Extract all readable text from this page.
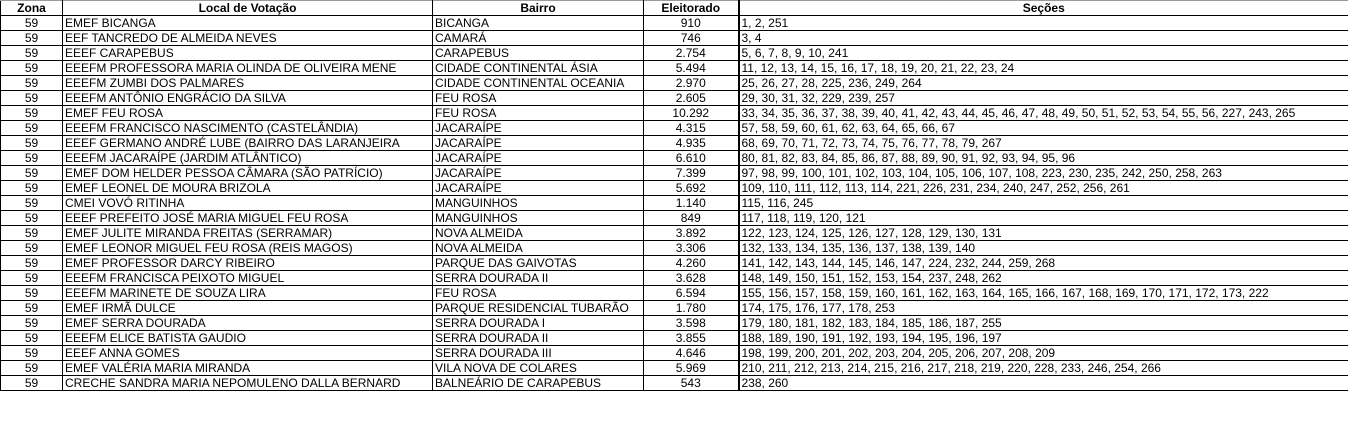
Zona	Local de Votação	Bairro	Eleitorado	Seções
59	EMEF BICANGA	BICANGA	910	1, 2, 251
59	EEF TANCREDO DE ALMEIDA NEVES	CAMARÁ	746	3, 4
59	EEEF CARAPEBUS	CARAPEBUS	2.754	5, 6, 7, 8, 9, 10, 241
59	EEEFM PROFESSORA MARIA OLINDA DE OLIVEIRA MENE	CIDADE CONTINENTAL ÁSIA	5.494	11, 12, 13, 14, 15, 16, 17, 18, 19, 20, 21, 22, 23, 24
59	EEEFM ZUMBI DOS PALMARES	CIDADE CONTINENTAL OCEANIA	2.970	25, 26, 27, 28, 225, 236, 249, 264
59	EEEFM ANTÔNIO ENGRÁCIO DA SILVA	FEU ROSA	2.605	29, 30, 31, 32, 229, 239, 257
59	EMEF FEU ROSA	FEU ROSA	10.292	33, 34, 35, 36, 37, 38, 39, 40, 41, 42, 43, 44, 45, 46, 47, 48, 49, 50, 51, 52, 53, 54, 55, 56, 227, 243, 265
59	EEEFM FRANCISCO NASCIMENTO (CASTELÂNDIA)	JACARAÍPE	4.315	57, 58, 59, 60, 61, 62, 63, 64, 65, 66, 67
59	EEEF GERMANO ANDRÉ LUBE (BAIRRO DAS LARANJEIRA	JACARAÍPE	4.935	68, 69, 70, 71, 72, 73, 74, 75, 76, 77, 78, 79, 267
59	EEEFM JACARAÍPE (JARDIM ATLÂNTICO)	JACARAÍPE	6.610	80, 81, 82, 83, 84, 85, 86, 87, 88, 89, 90, 91, 92, 93, 94, 95, 96
59	EMEF DOM HELDER PESSOA CÂMARA (SÃO PATRÍCIO)	JACARAÍPE	7.399	97, 98, 99, 100, 101, 102, 103, 104, 105, 106, 107, 108, 223, 230, 235, 242, 250, 258, 263
59	EMEF LEONEL DE MOURA BRIZOLA	JACARAÍPE	5.692	109, 110, 111, 112, 113, 114, 221, 226, 231, 234, 240, 247, 252, 256, 261
59	CMEI VOVÓ RITINHA	MANGUINHOS	1.140	115, 116, 245
59	EEEF PREFEITO JOSÉ MARIA MIGUEL FEU ROSA	MANGUINHOS	849	117, 118, 119, 120, 121
59	EMEF JULITE MIRANDA FREITAS (SERRAMAR)	NOVA ALMEIDA	3.892	122, 123, 124, 125, 126, 127, 128, 129, 130, 131
59	EMEF LEONOR MIGUEL FEU ROSA (REIS MAGOS)	NOVA ALMEIDA	3.306	132, 133, 134, 135, 136, 137, 138, 139, 140
59	EMEF PROFESSOR DARCY RIBEIRO	PARQUE DAS GAIVOTAS	4.260	141, 142, 143, 144, 145, 146, 147, 224, 232, 244, 259, 268
59	EEEFM FRANCISCA PEIXOTO MIGUEL	SERRA DOURADA II	3.628	148, 149, 150, 151, 152, 153, 154, 237, 248, 262
59	EEEFM MARINETE DE SOUZA LIRA	FEU ROSA	6.594	155, 156, 157, 158, 159, 160, 161, 162, 163, 164, 165, 166, 167, 168, 169, 170, 171, 172, 173, 222
59	EMEF IRMÃ DULCE	PARQUE RESIDENCIAL TUBARÃO	1.780	174, 175, 176, 177, 178, 253
59	EMEF SERRA DOURADA	SERRA DOURADA I	3.598	179, 180, 181, 182, 183, 184, 185, 186, 187, 255
59	EEEFM ELICE BATISTA GAUDIO	SERRA DOURADA II	3.855	188, 189, 190, 191, 192, 193, 194, 195, 196, 197
59	EEEF ANNA GOMES	SERRA DOURADA III	4.646	198, 199, 200, 201, 202, 203, 204, 205, 206, 207, 208, 209
59	EMEF VALÉRIA MARIA MIRANDA	VILA NOVA DE COLARES	5.969	210, 211, 212, 213, 214, 215, 216, 217, 218, 219, 220, 228, 233, 246, 254, 266
59	CRECHE SANDRA MARIA NEPOMULENO DALLA BERNARD	BALNEÁRIO DE CARAPEBUS	543	238, 260
